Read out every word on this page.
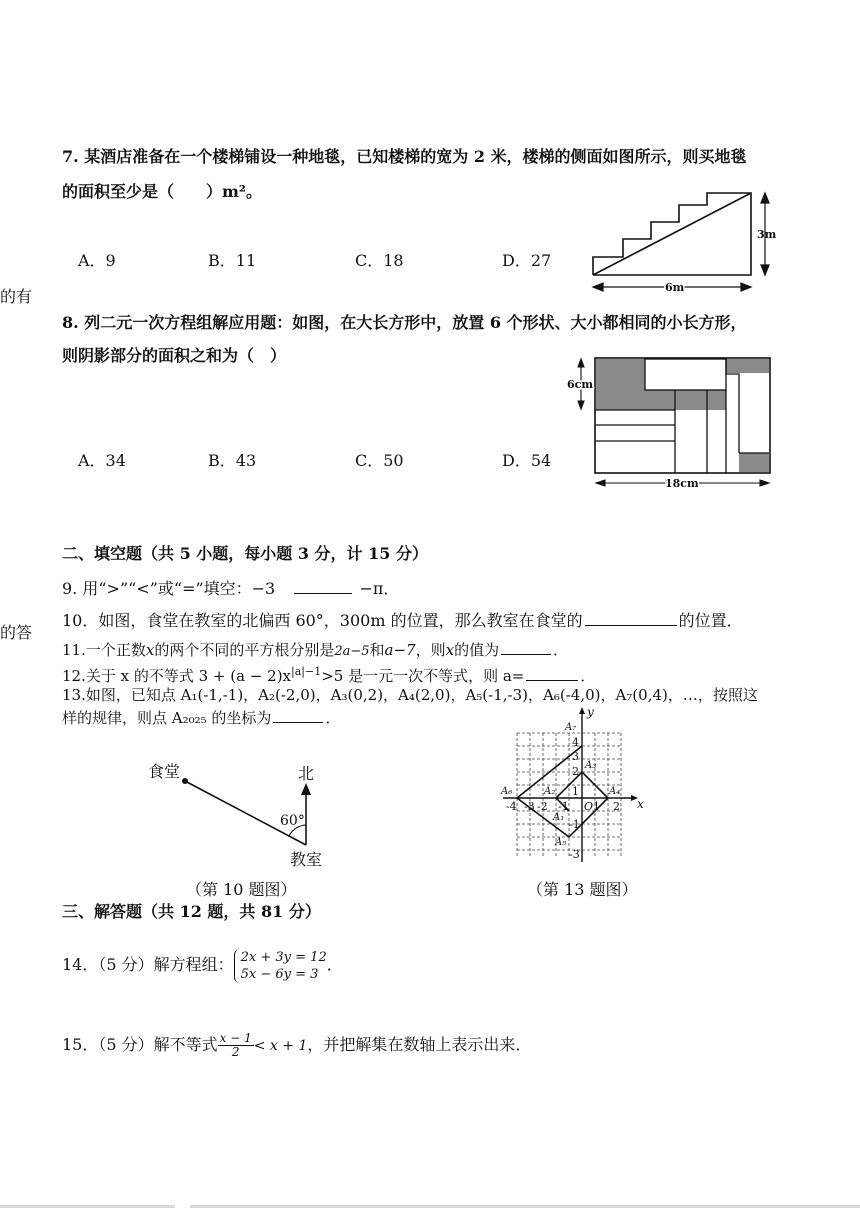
的有
的答
7. 某酒店准备在一个楼梯铺设一种地毯，已知楼梯的宽为 2 米，楼梯的侧面如图所示，则买地毯
的面积至少是（　　）m²。
A．9	B．11	C．18	D．27
3m
6m
8. 列二元一次方程组解应用题：如图，在大长方形中，放置 6 个形状、大小都相同的小长方形，
则阴影部分的面积之和为（　）
A．34	B．43	C．50	D．54
6cm
18cm
二、填空题（共 5 小题，每小题 3 分，计 15 分）
9. 用“>”“<”或“=”填空：−3	−π．
10．如图，食堂在教室的北偏西 60°，300m 的位置，那么教室在食堂的	的位置．
11.一个正数x的两个不同的平方根分别是2a−5和a−7，则x的值为	．
12.关于 x 的不等式 $3 + (a - 2)x^{|a|-1}>5$ 是一元一次不等式，则 a=	．
13.如图，已知点 A₁(-1,-1)，A₂(-2,0)，A₃(0,2)，A₄(2,0)，A₅(-1,-3)，A₆(-4,0)，A₇(0,4)，…，按照这
样的规律，则点 A₂₀₂₅ 的坐标为	．
食堂	北
60°
教室
（第 10 题图）
x
y
O
-4 -3 -2 -1 1 2
4
3
2
1
-1
-3
A₁
A₂
A₃
A₄
A₅
A₆
A₇
（第 13 题图）
三、解答题（共 12 题，共 81 分）
14．（5 分）解方程组： 2x + 3y = 12
5x − 6y = 3 ．
15．（5 分）解不等式 $\frac{x - 1}{2} < x + 1$，并把解集在数轴上表示出来．
